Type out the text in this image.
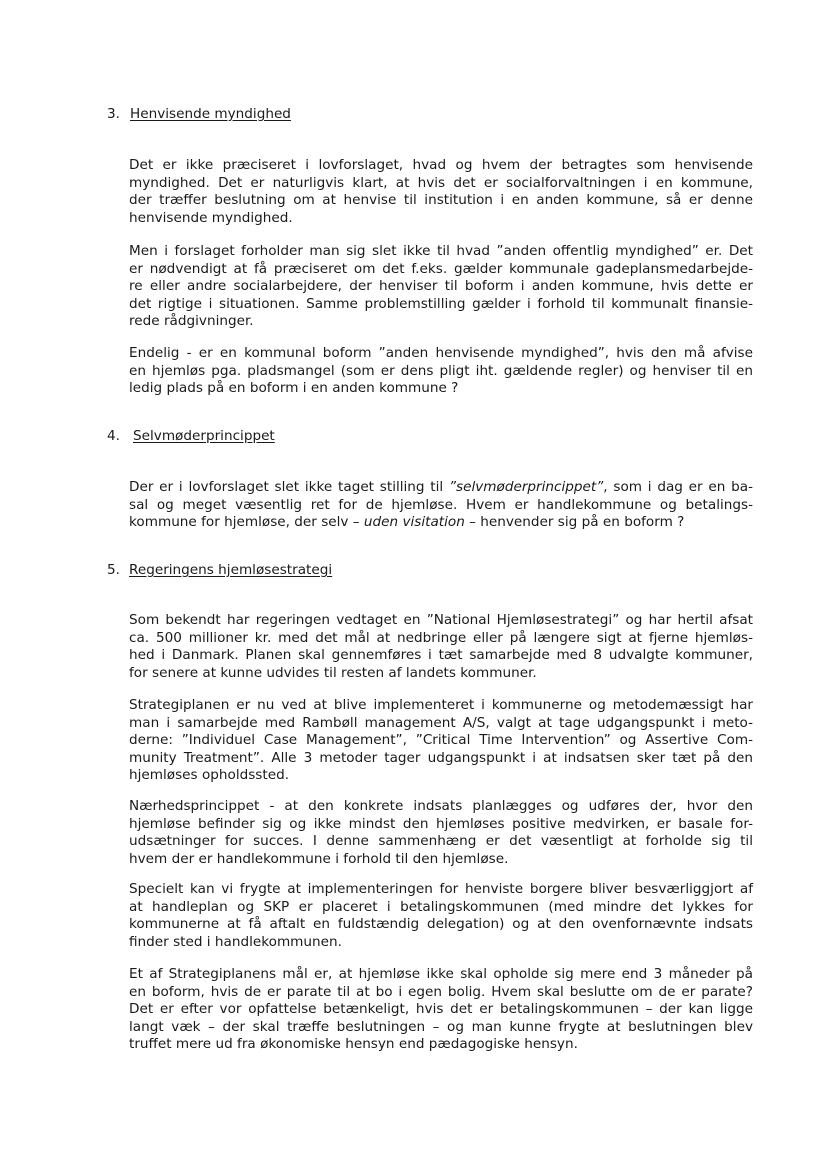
3. Henvisende myndighed

Det er ikke præciseret i lovforslaget, hvad og hvem der betragtes som henvisende
myndighed. Det er naturligvis klart, at hvis det er socialforvaltningen i en kommune,
der træffer beslutning om at henvise til institution i en anden kommune, så er denne
henvisende myndighed.

Men i forslaget forholder man sig slet ikke til hvad ”anden offentlig myndighed” er. Det
er nødvendigt at få præciseret om det f.eks. gælder kommunale gadeplansmedarbejde-
re eller andre socialarbejdere, der henviser til boform i anden kommune, hvis dette er
det rigtige i situationen. Samme problemstilling gælder i forhold til kommunalt finansie-
rede rådgivninger.

Endelig - er en kommunal boform ”anden henvisende myndighed”, hvis den må afvise
en hjemløs pga. pladsmangel (som er dens pligt iht. gældende regler) og henviser til en
ledig plads på en boform i en anden kommune ?

4. Selvmøderprincippet

Der er i lovforslaget slet ikke taget stilling til ”selvmøderprincippet”, som i dag er en ba-
sal og meget væsentlig ret for de hjemløse. Hvem er handlekommune og betalings-
kommune for hjemløse, der selv – uden visitation – henvender sig på en boform ?

5. Regeringens hjemløsestrategi

Som bekendt har regeringen vedtaget en ”National Hjemløsestrategi” og har hertil afsat
ca. 500 millioner kr. med det mål at nedbringe eller på længere sigt at fjerne hjemløs-
hed i Danmark. Planen skal gennemføres i tæt samarbejde med 8 udvalgte kommuner,
for senere at kunne udvides til resten af landets kommuner.

Strategiplanen er nu ved at blive implementeret i kommunerne og metodemæssigt har
man i samarbejde med Rambøll management A/S, valgt at tage udgangspunkt i meto-
derne: ”Individuel Case Management”, ”Critical Time Intervention” og Assertive Com-
munity Treatment”. Alle 3 metoder tager udgangspunkt i at indsatsen sker tæt på den
hjemløses opholdssted.

Nærhedsprincippet - at den konkrete indsats planlægges og udføres der, hvor den
hjemløse befinder sig og ikke mindst den hjemløses positive medvirken, er basale for-
udsætninger for succes. I denne sammenhæng er det væsentligt at forholde sig til
hvem der er handlekommune i forhold til den hjemløse.

Specielt kan vi frygte at implementeringen for henviste borgere bliver besværliggjort af
at handleplan og SKP er placeret i betalingskommunen (med mindre det lykkes for
kommunerne at få aftalt en fuldstændig delegation) og at den ovenfornævnte indsats
finder sted i handlekommunen.

Et af Strategiplanens mål er, at hjemløse ikke skal opholde sig mere end 3 måneder på
en boform, hvis de er parate til at bo i egen bolig. Hvem skal beslutte om de er parate?
Det er efter vor opfattelse betænkeligt, hvis det er betalingskommunen – der kan ligge
langt væk – der skal træffe beslutningen – og man kunne frygte at beslutningen blev
truffet mere ud fra økonomiske hensyn end pædagogiske hensyn.
